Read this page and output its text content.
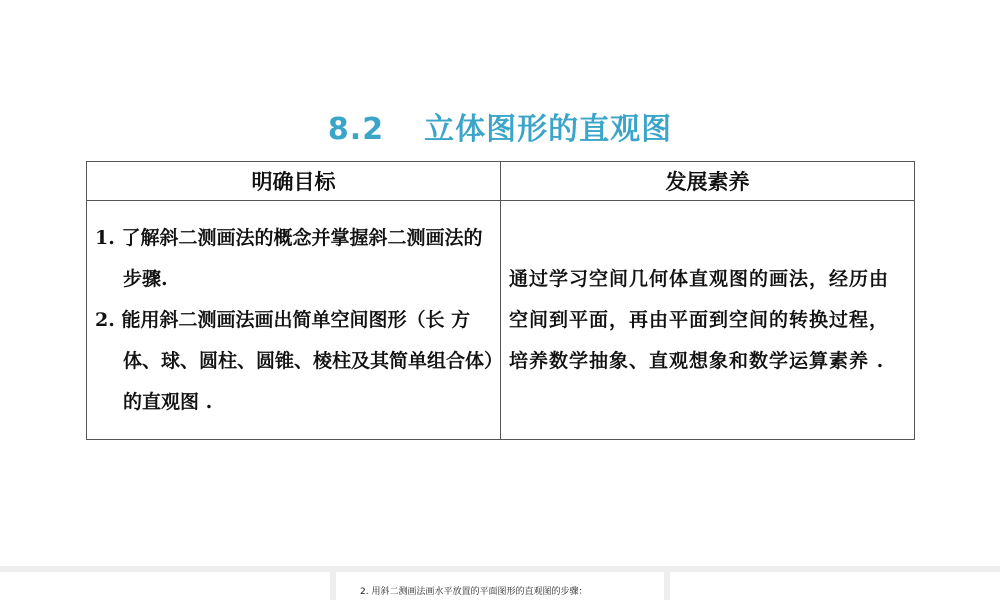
8.2 立体图形的直观图
明确目标	发展素养

1. 了解斜二测画法的概念并掌握斜二测画法的步骤.
2. 能用斜二测画法画出简单空间图形（长 方体、球、圆柱、圆锥、棱柱及其简单组合体）的直观图 .	通过学习空间几何体直观图的画法，经历由空间到平面，再由平面到空间的转换过程，培养数学抽象、直观想象和数学运算素养 .
2. 用斜二测画法画水平放置的平面图形的直观图的步骤：
